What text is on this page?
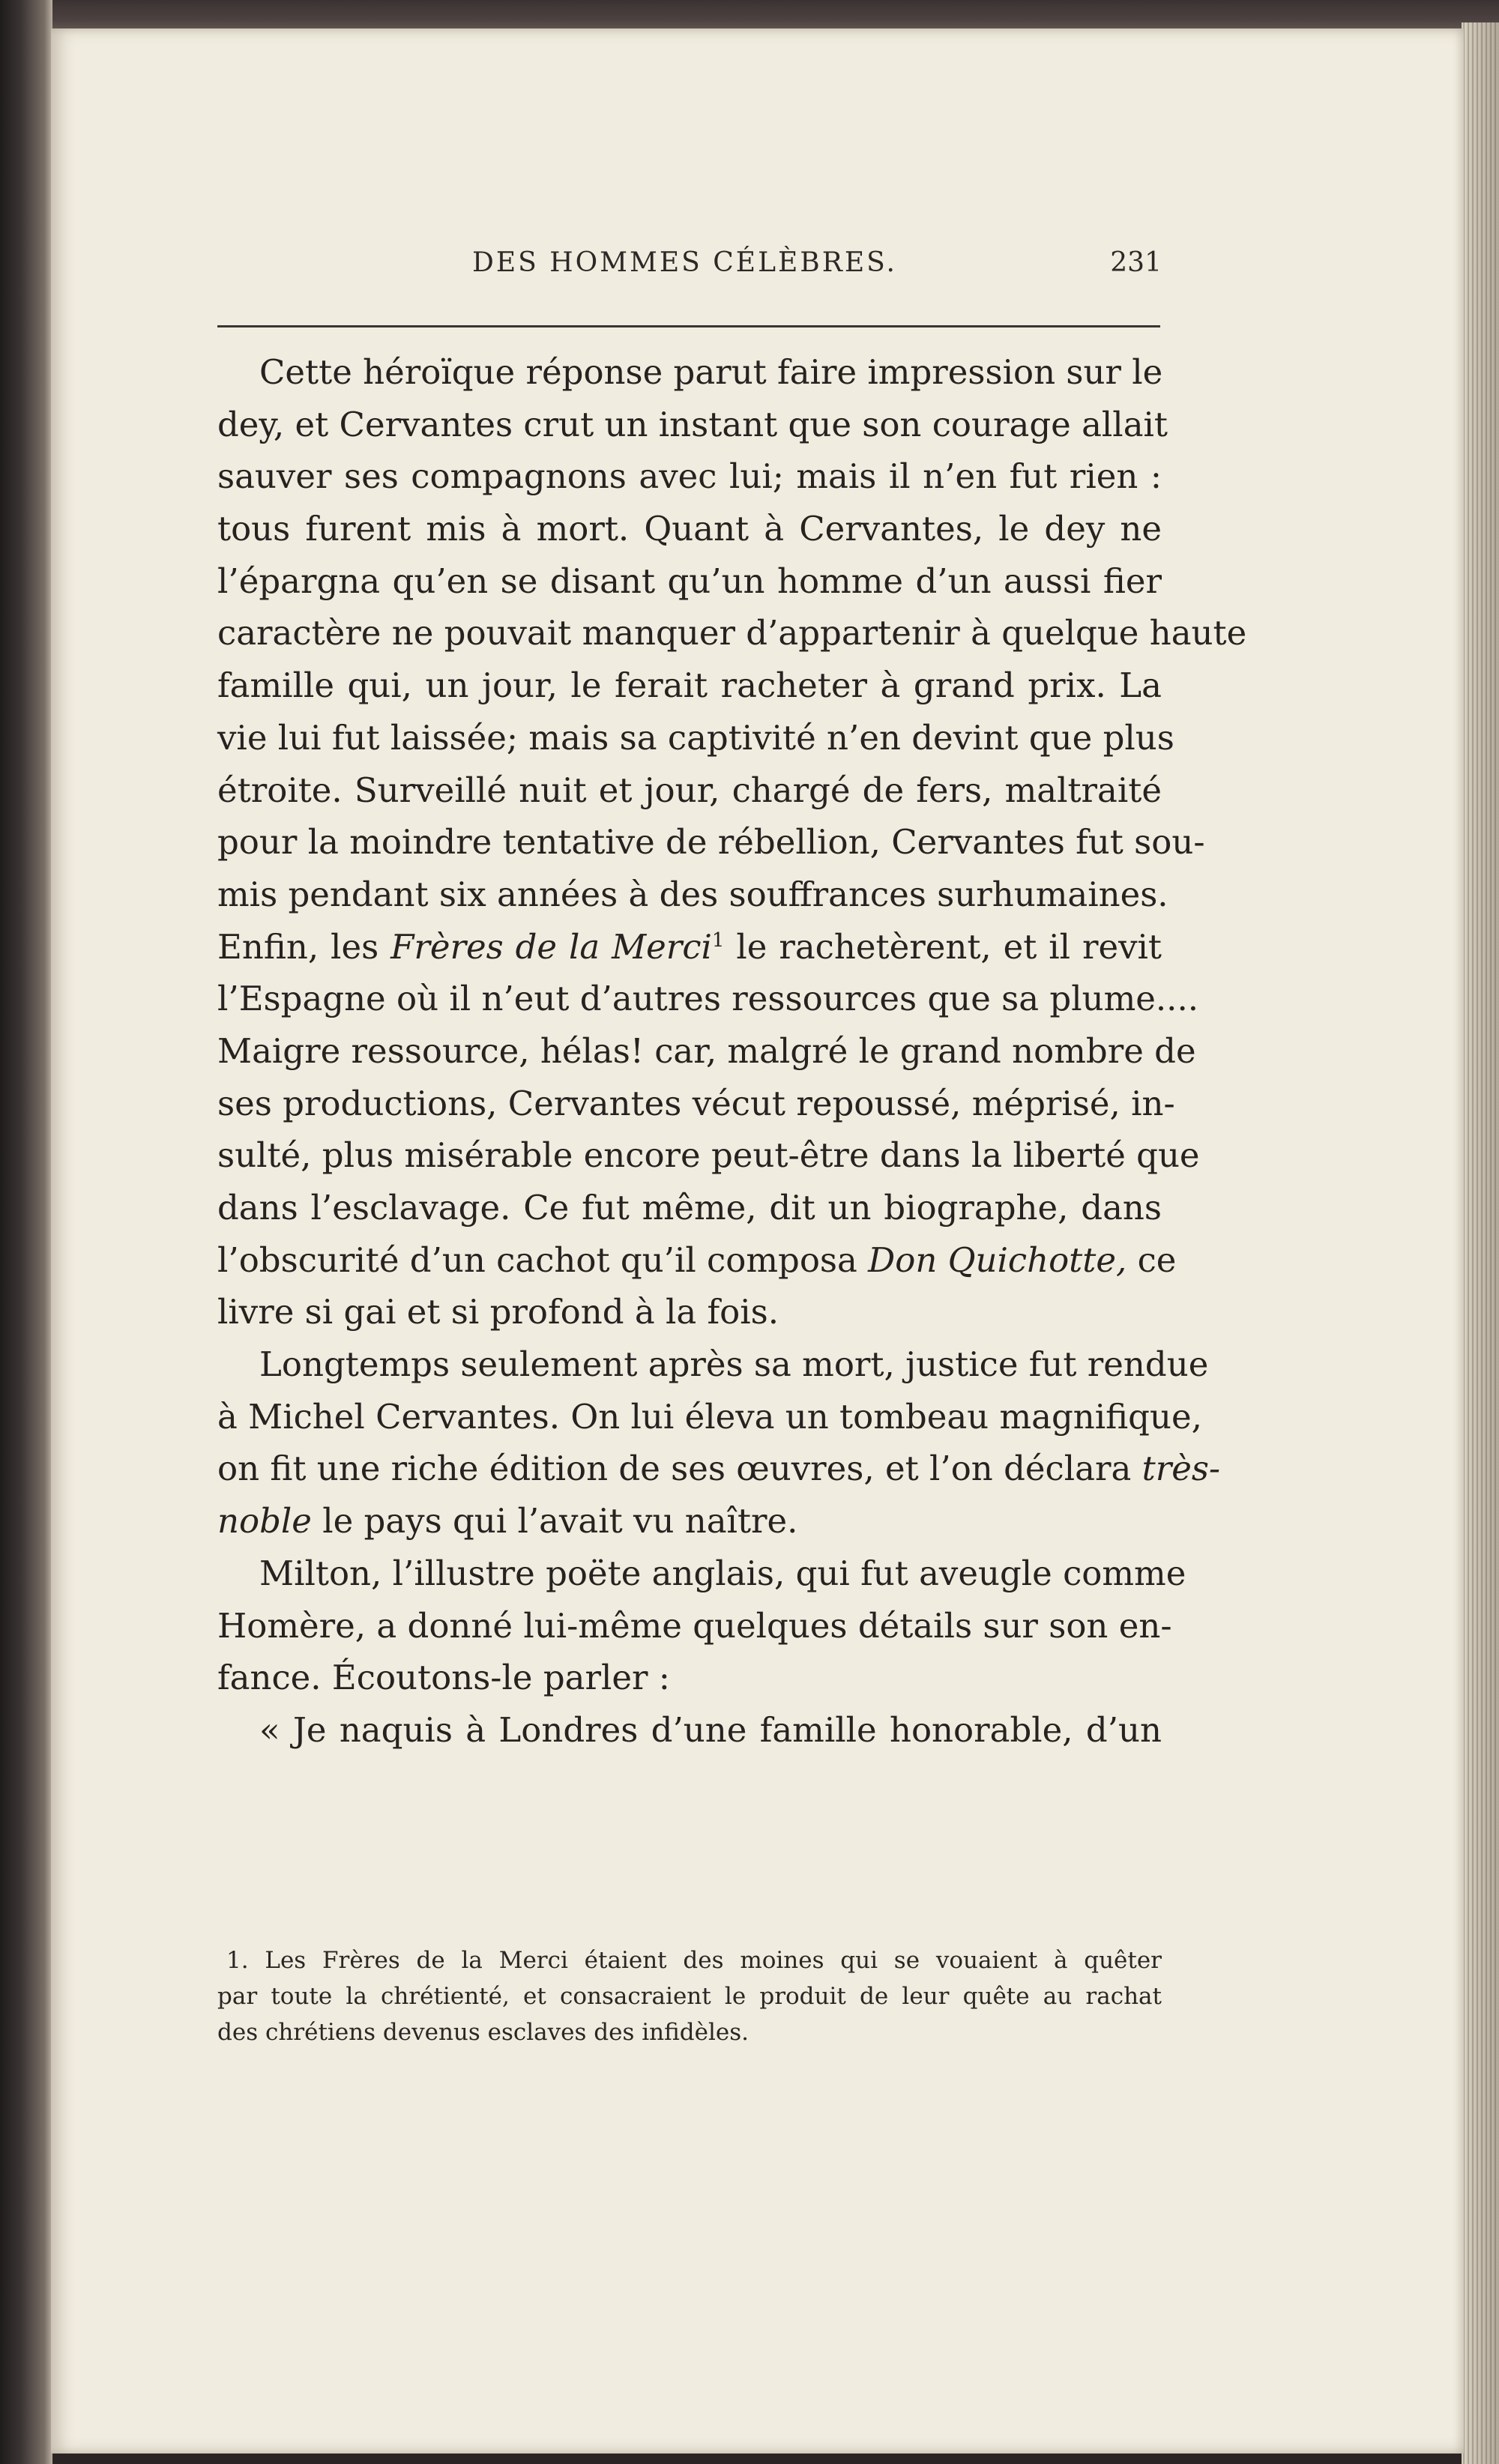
DES HOMMES CÉLÈBRES.	231
Cette héroïque réponse parut faire impression sur le
dey, et Cervantes crut un instant que son courage allait
sauver ses compagnons avec lui; mais il n’en fut rien :
tous furent mis à mort. Quant à Cervantes, le dey ne
l’épargna qu’en se disant qu’un homme d’un aussi fier
caractère ne pouvait manquer d’appartenir à quelque haute
famille qui, un jour, le ferait racheter à grand prix. La
vie lui fut laissée; mais sa captivité n’en devint que plus
étroite. Surveillé nuit et jour, chargé de fers, maltraité
pour la moindre tentative de rébellion, Cervantes fut sou-
mis pendant six années à des souffrances surhumaines.
Enfin, les Frères de la Merci$^1$ le rachetèrent, et il revit
l’Espagne où il n’eut d’autres ressources que sa plume....
Maigre ressource, hélas! car, malgré le grand nombre de
ses productions, Cervantes vécut repoussé, méprisé, in-
sulté, plus misérable encore peut-être dans la liberté que
dans l’esclavage. Ce fut même, dit un biographe, dans
l’obscurité d’un cachot qu’il composa Don Quichotte, ce
livre si gai et si profond à la fois.
Longtemps seulement après sa mort, justice fut rendue
à Michel Cervantes. On lui éleva un tombeau magnifique,
on fit une riche édition de ses œuvres, et l’on déclara très-
noble le pays qui l’avait vu naître.
Milton, l’illustre poëte anglais, qui fut aveugle comme
Homère, a donné lui-même quelques détails sur son en-
fance. Écoutons-le parler :
« Je naquis à Londres d’une famille honorable, d’un
1. Les Frères de la Merci étaient des moines qui se vouaient à quêter
par toute la chrétienté, et consacraient le produit de leur quête au rachat
des chrétiens devenus esclaves des infidèles.
